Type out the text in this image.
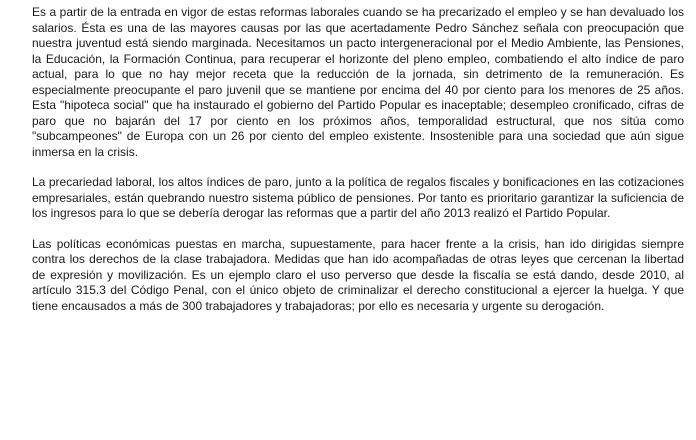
Es a partir de la entrada en vigor de estas reformas laborales cuando se ha precarizado el empleo y se han devaluado los salarios. Ésta es una de las mayores causas por las que acertadamente Pedro Sánchez señala con preocupación que nuestra juventud está siendo marginada. Necesitamos un pacto intergeneracional por el Medio Ambiente, las Pensiones, la Educación, la Formación Continua, para recuperar el horizonte del pleno empleo, combatiendo el alto índice de paro actual, para lo que no hay mejor receta que la reducción de la jornada, sin detrimento de la remuneración. Es especialmente preocupante el paro juvenil que se mantiene por encima del 40 por ciento para los menores de 25 años. Esta "hipoteca social" que ha instaurado el gobierno del Partido Popular es inaceptable; desempleo cronificado, cifras de paro que no bajarán del 17 por ciento en los próximos años, temporalidad estructural, que nos sitúa como "subcampeones" de Europa con un 26 por ciento del empleo existente. Insostenible para una sociedad que aún sigue inmersa en la crisis.

La precariedad laboral, los altos índices de paro, junto a la política de regalos fiscales y bonificaciones en las cotizaciones empresariales, están quebrando nuestro sistema público de pensiones. Por tanto es prioritario garantizar la suficiencia de los ingresos para lo que se debería derogar las reformas que a partir del año 2013 realizó el Partido Popular.

Las políticas económicas puestas en marcha, supuestamente, para hacer frente a la crisis, han ido dirigidas siempre contra los derechos de la clase trabajadora. Medidas que han ido acompañadas de otras leyes que cercenan la libertad de expresión y movilización. Es un ejemplo claro el uso perverso que desde la fiscalía se está dando, desde 2010, al artículo 315.3 del Código Penal, con el único objeto de criminalizar el derecho constitucional a ejercer la huelga. Y que tiene encausados a más de 300 trabajadores y trabajadoras; por ello es necesaria y urgente su derogación.
